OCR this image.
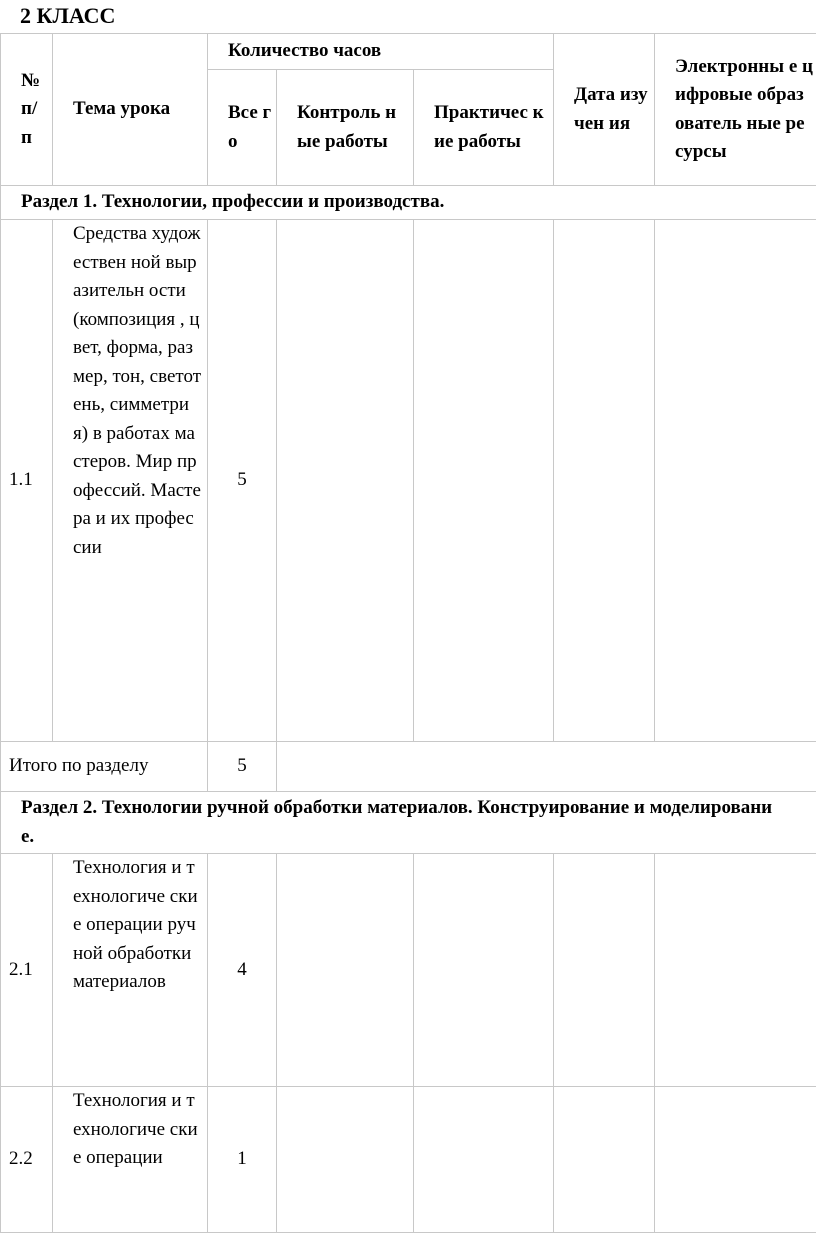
2 КЛАСС
№ п/ п	Тема урока	Количество часов			Дата изучен ия	Электронны е цифровые образователь ные ресурсы
		Все го	Контроль ные работы	Практичес кие работы		
Раздел 1. Технологии, профессии и производства.						
1.1	Средства художествен ной выразительн ости (композиция , цвет, форма, размер, тон, светотень, симметрия) в работах мастеров. Мир профессий. Мастера и их профессии	5				
Итого по разделу		5				
Раздел 2. Технологии ручной обработки материалов. Конструирование и моделирование.						
2.1	Технология и технологиче ские операции ручной обработки материалов	4				
2.2	Технология и технологиче ские операции	1				
